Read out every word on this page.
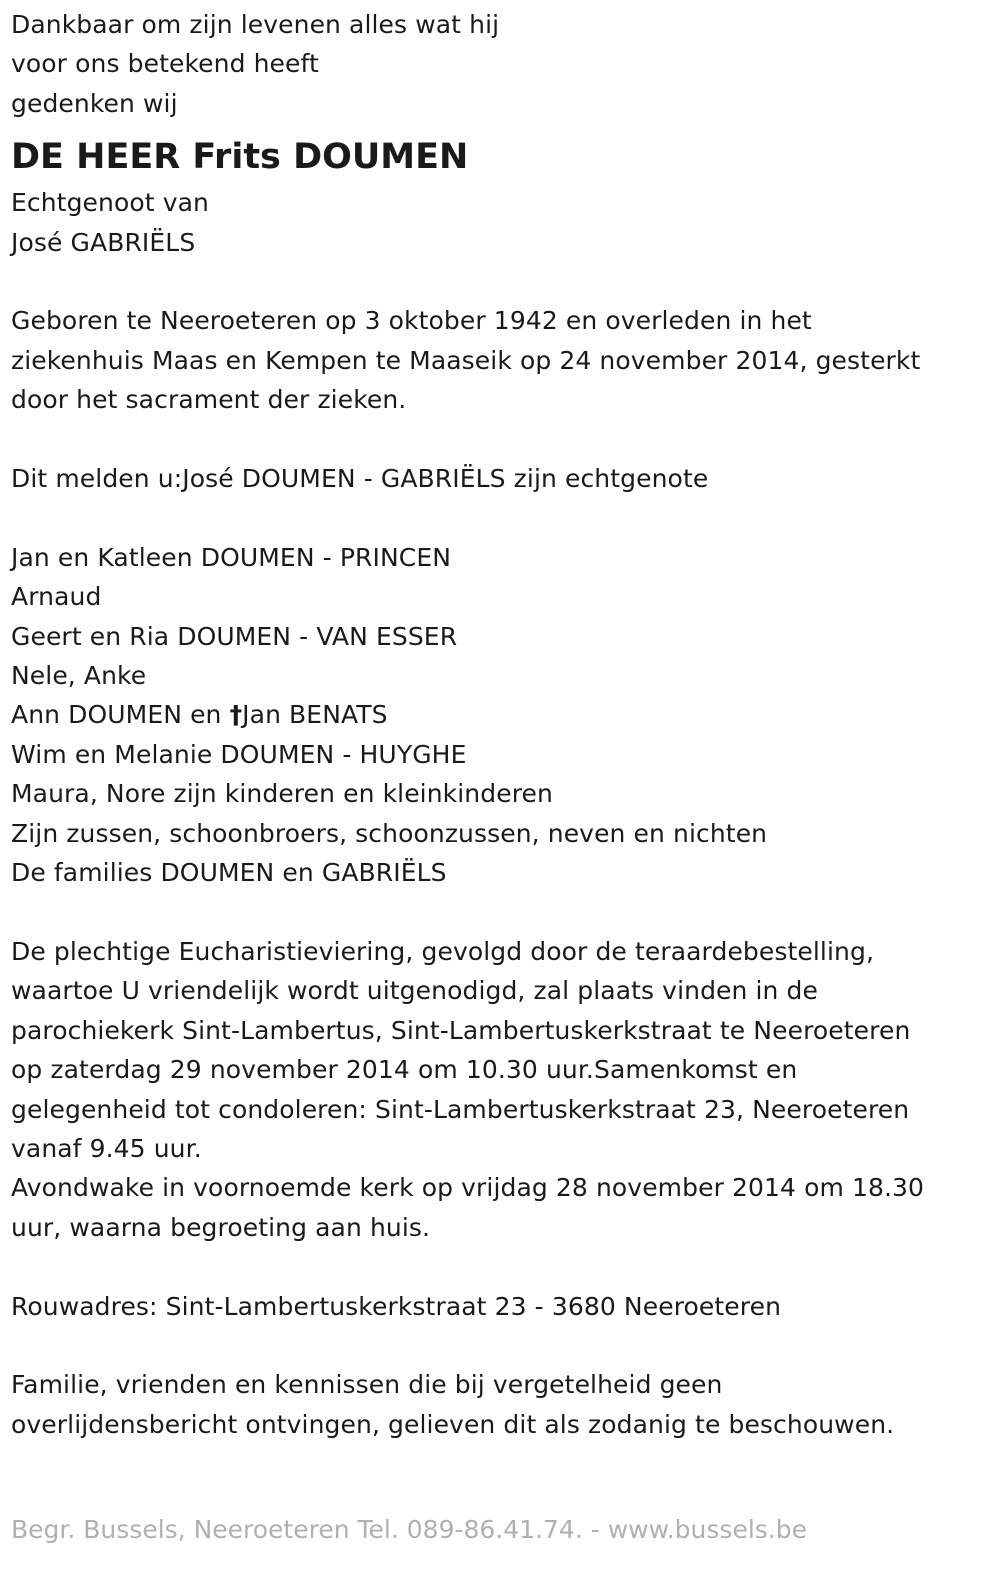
Dankbaar om zijn levenen alles wat hij
voor ons betekend heeft
gedenken wij
DE HEER Frits DOUMEN
Echtgenoot van
José GABRIËLS
Geboren te Neeroeteren op 3 oktober 1942 en overleden in het
ziekenhuis Maas en Kempen te Maaseik op 24 november 2014, gesterkt
door het sacrament der zieken.
Dit melden u:José DOUMEN - GABRIËLS zijn echtgenote
Jan en Katleen DOUMEN - PRINCEN
Arnaud
Geert en Ria DOUMEN - VAN ESSER
Nele, Anke
Ann DOUMEN en †Jan BENATS
Wim en Melanie DOUMEN - HUYGHE
Maura, Nore zijn kinderen en kleinkinderen
Zijn zussen, schoonbroers, schoonzussen, neven en nichten
De families DOUMEN en GABRIËLS
De plechtige Eucharistieviering, gevolgd door de teraardebestelling,
waartoe U vriendelijk wordt uitgenodigd, zal plaats vinden in de
parochiekerk Sint-Lambertus, Sint-Lambertuskerkstraat te Neeroeteren
op zaterdag 29 november 2014 om 10.30 uur.Samenkomst en
gelegenheid tot condoleren: Sint-Lambertuskerkstraat 23, Neeroeteren
vanaf 9.45 uur.
Avondwake in voornoemde kerk op vrijdag 28 november 2014 om 18.30
uur, waarna begroeting aan huis.
Rouwadres: Sint-Lambertuskerkstraat 23 - 3680 Neeroeteren
Familie, vrienden en kennissen die bij vergetelheid geen
overlijdensbericht ontvingen, gelieven dit als zodanig te beschouwen.
Begr. Bussels, Neeroeteren Tel. 089-86.41.74. - www.bussels.be
